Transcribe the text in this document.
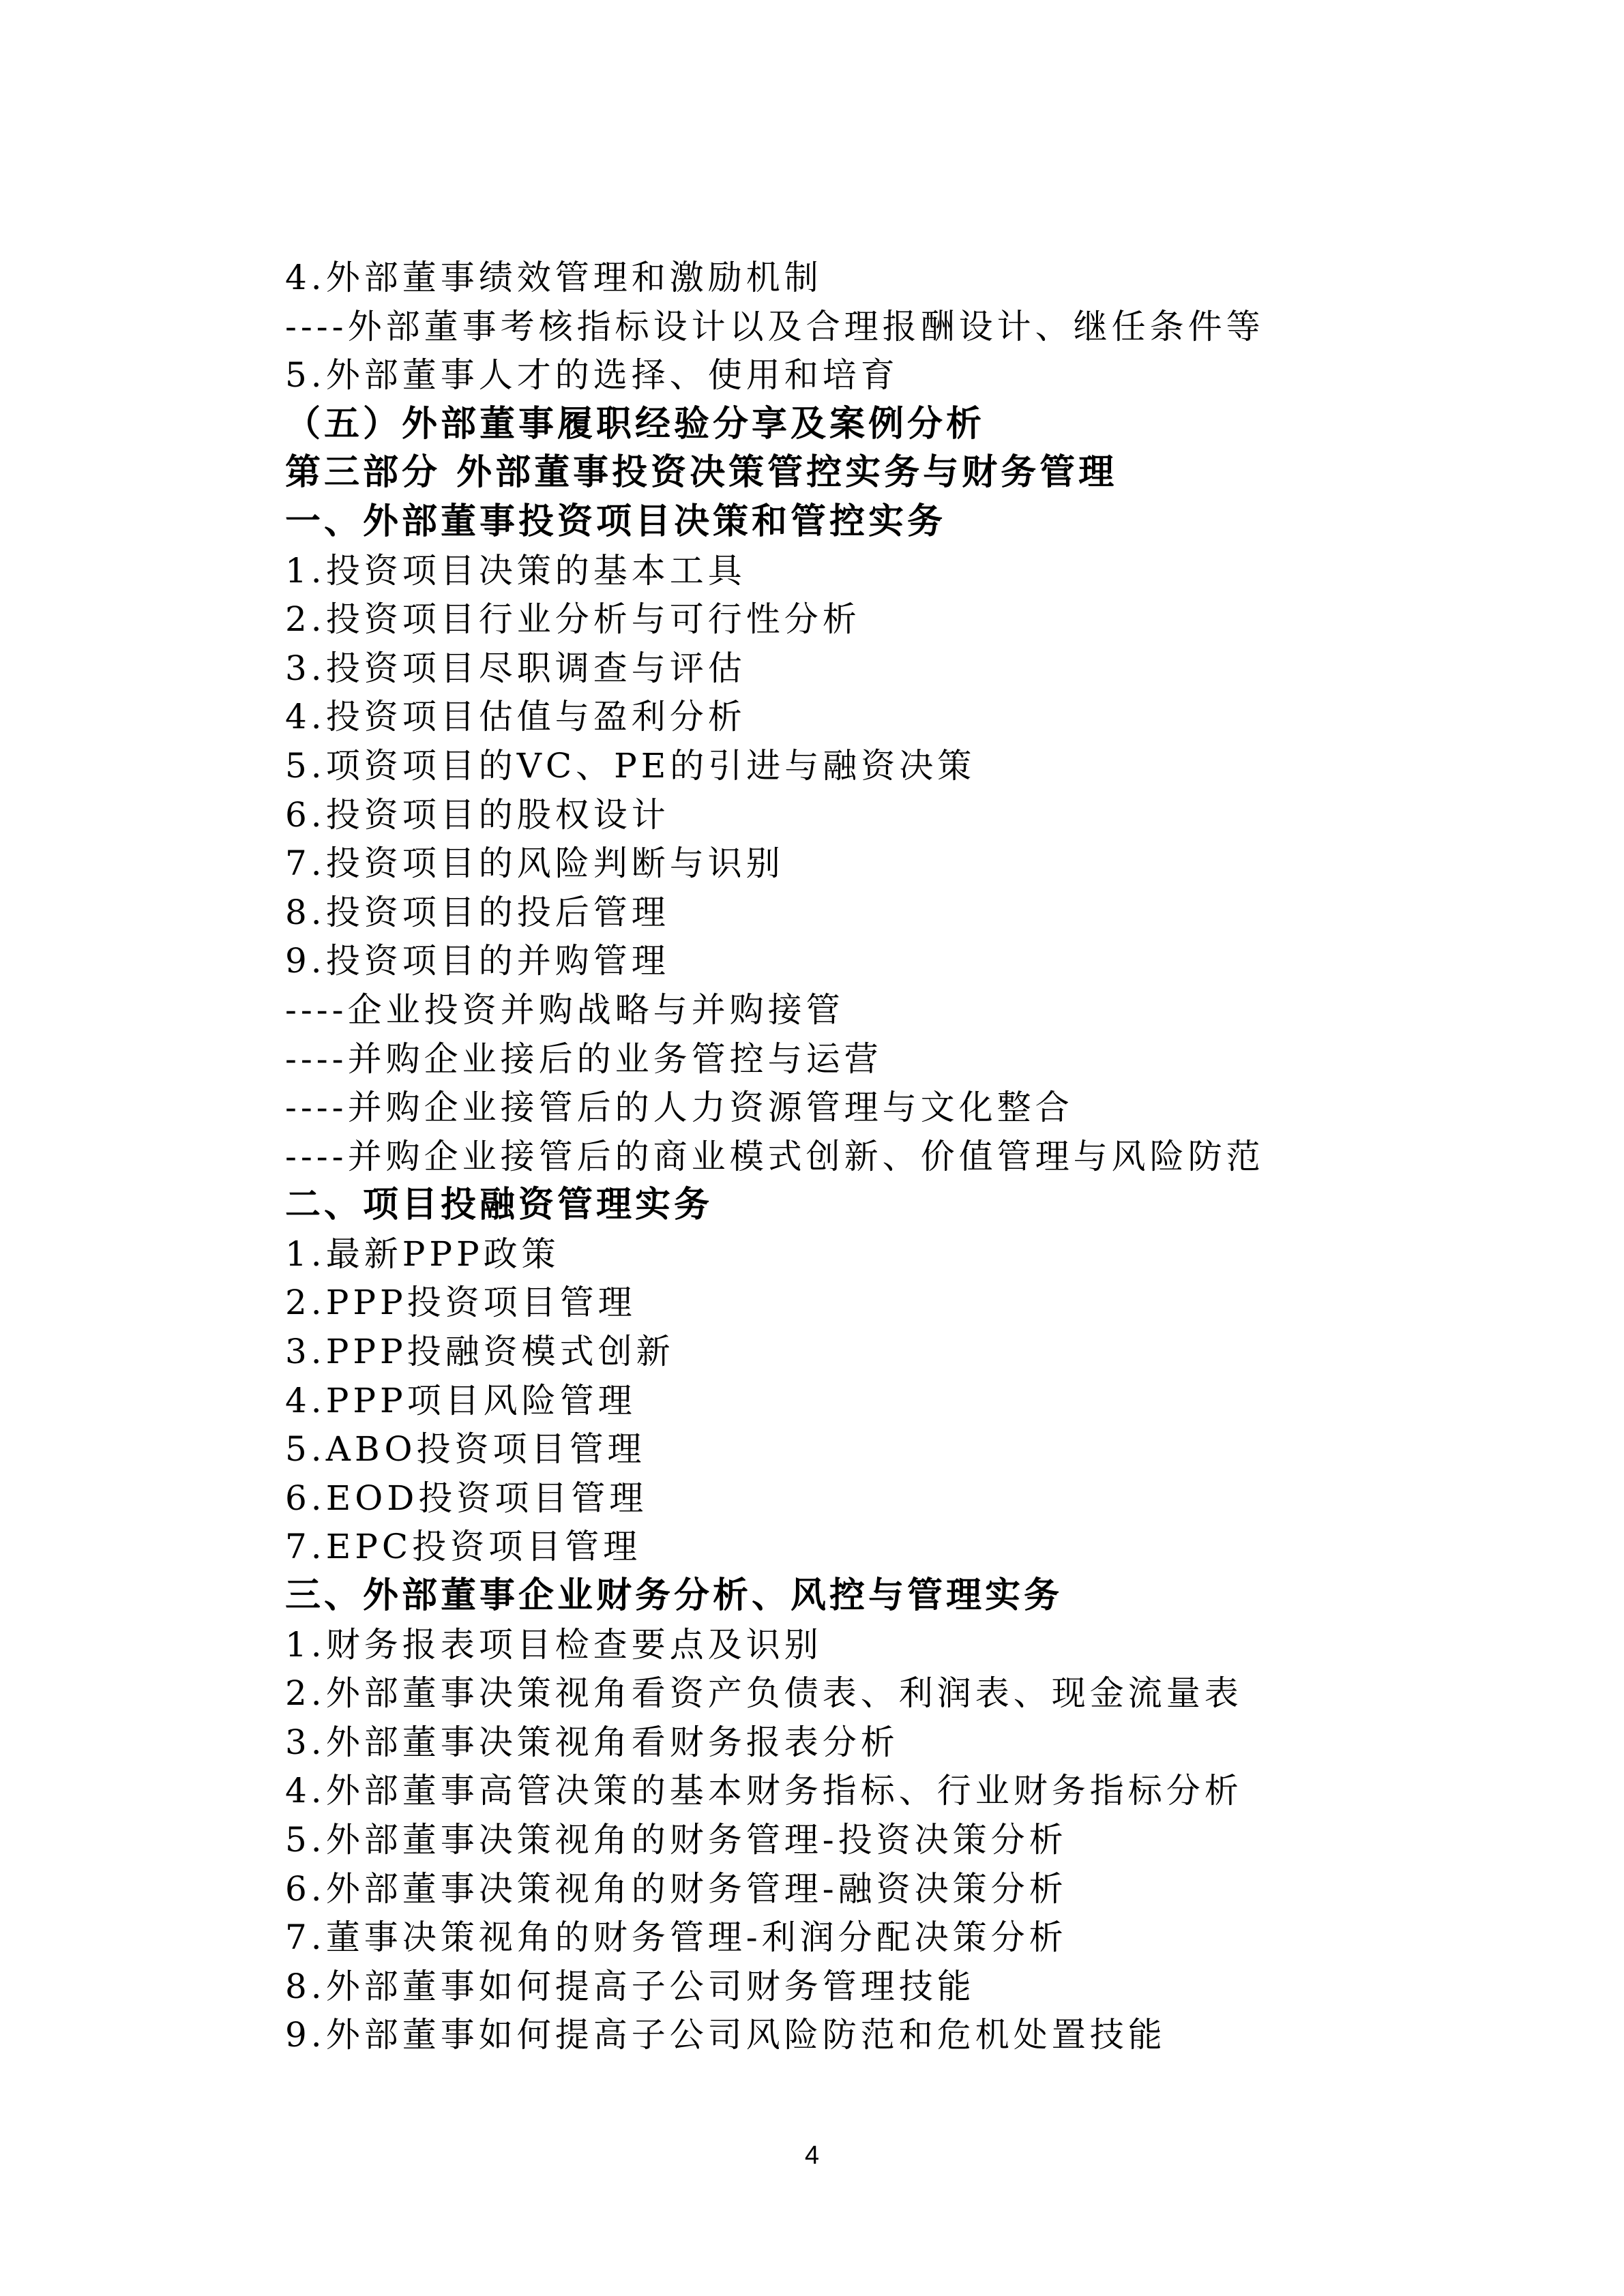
4.外部董事绩效管理和激励机制
----外部董事考核指标设计以及合理报酬设计、继任条件等
5.外部董事人才的选择、使用和培育
（五）外部董事履职经验分享及案例分析
第三部分 外部董事投资决策管控实务与财务管理
一、外部董事投资项目决策和管控实务
1.投资项目决策的基本工具
2.投资项目行业分析与可行性分析
3.投资项目尽职调查与评估
4.投资项目估值与盈利分析
5.项资项目的VC、PE的引进与融资决策
6.投资项目的股权设计
7.投资项目的风险判断与识别
8.投资项目的投后管理
9.投资项目的并购管理
----企业投资并购战略与并购接管
----并购企业接后的业务管控与运营
----并购企业接管后的人力资源管理与文化整合
----并购企业接管后的商业模式创新、价值管理与风险防范
二、项目投融资管理实务
1.最新PPP政策
2.PPP投资项目管理
3.PPP投融资模式创新
4.PPP项目风险管理
5.ABO投资项目管理
6.EOD投资项目管理
7.EPC投资项目管理
三、外部董事企业财务分析、风控与管理实务
1.财务报表项目检查要点及识别
2.外部董事决策视角看资产负债表、利润表、现金流量表
3.外部董事决策视角看财务报表分析
4.外部董事高管决策的基本财务指标、行业财务指标分析
5.外部董事决策视角的财务管理-投资决策分析
6.外部董事决策视角的财务管理-融资决策分析
7.董事决策视角的财务管理-利润分配决策分析
8.外部董事如何提高子公司财务管理技能
9.外部董事如何提高子公司风险防范和危机处置技能
4
